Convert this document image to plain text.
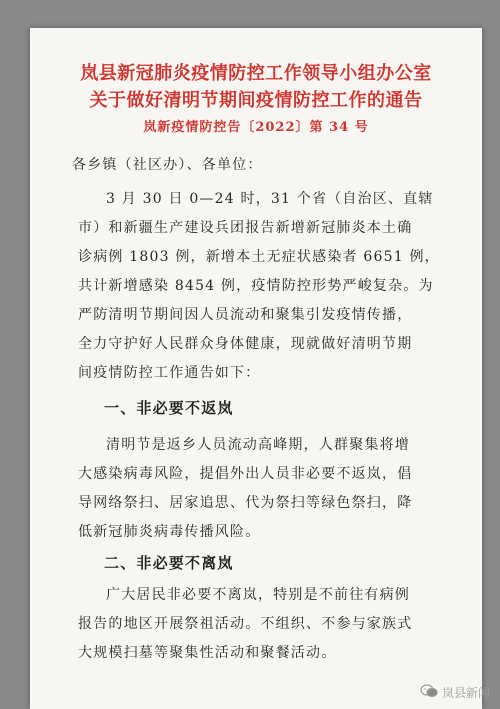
岚县新冠肺炎疫情防控工作领导小组办公室
关于做好清明节期间疫情防控工作的通告
岚新疫情防控告〔2022〕第 34 号
各乡镇（社区办）、各单位：
3 月 30 日 0—24 时，31 个省（自治区、直辖
市）和新疆生产建设兵团报告新增新冠肺炎本土确
诊病例 1803 例，新增本土无症状感染者 6651 例，
共计新增感染 8454 例，疫情防控形势严峻复杂。为
严防清明节期间因人员流动和聚集引发疫情传播，
全力守护好人民群众身体健康，现就做好清明节期
间疫情防控工作通告如下：
一、非必要不返岚
清明节是返乡人员流动高峰期，人群聚集将增
大感染病毒风险，提倡外出人员非必要不返岚，倡
导网络祭扫、居家追思、代为祭扫等绿色祭扫，降
低新冠肺炎病毒传播风险。
二、非必要不离岚
广大居民非必要不离岚，特别是不前往有病例
报告的地区开展祭祖活动。不组织、不参与家族式
大规模扫墓等聚集性活动和聚餐活动。
岚县新闻
